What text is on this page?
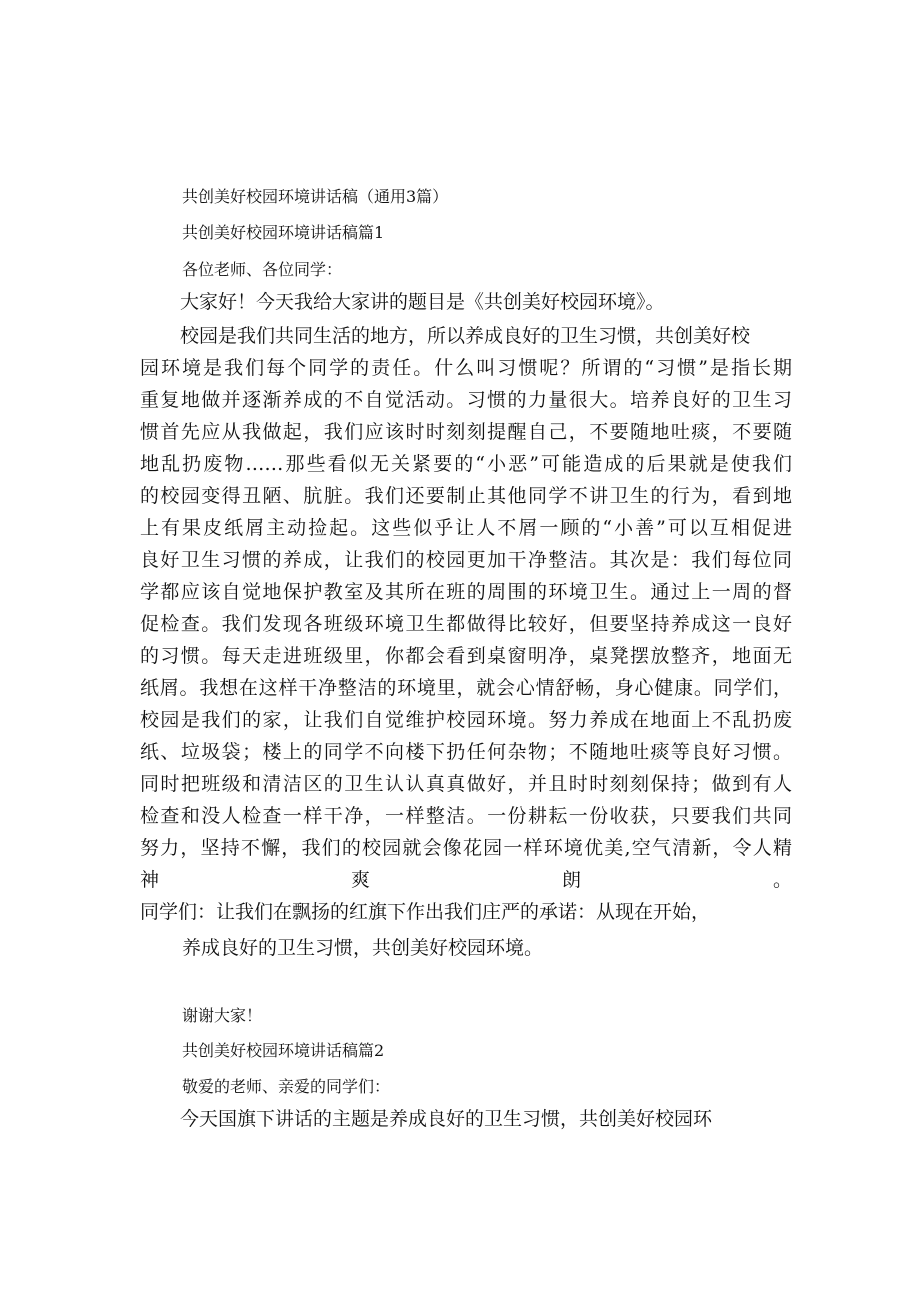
共创美好校园环境讲话稿（通用3篇）

共创美好校园环境讲话稿篇1

各位老师、各位同学：

大家好！今天我给大家讲的题目是《共创美好校园环境》。

校园是我们共同生活的地方，所以养成良好的卫生习惯，共创美好校

园环境是我们每个同学的责任。什么叫习惯呢？所谓的“习惯”是指长期

重复地做并逐渐养成的不自觉活动。习惯的力量很大。培养良好的卫生习

惯首先应从我做起，我们应该时时刻刻提醒自己，不要随地吐痰，不要随

地乱扔废物……那些看似无关紧要的“小恶”可能造成的后果就是使我们

的校园变得丑陋、肮脏。我们还要制止其他同学不讲卫生的行为，看到地

上有果皮纸屑主动捡起。这些似乎让人不屑一顾的“小善”可以互相促进

良好卫生习惯的养成，让我们的校园更加干净整洁。其次是：我们每位同

学都应该自觉地保护教室及其所在班的周围的环境卫生。通过上一周的督

促检查。我们发现各班级环境卫生都做得比较好，但要坚持养成这一良好

的习惯。每天走进班级里，你都会看到桌窗明净，桌凳摆放整齐，地面无

纸屑。我想在这样干净整洁的环境里，就会心情舒畅，身心健康。同学们，

校园是我们的家，让我们自觉维护校园环境。努力养成在地面上不乱扔废

纸、垃圾袋；楼上的同学不向楼下扔任何杂物；不随地吐痰等良好习惯。

同时把班级和清洁区的卫生认认真真做好，并且时时刻刻保持；做到有人

检查和没人检查一样干净，一样整洁。一份耕耘一份收获，只要我们共同

努力，坚持不懈，我们的校园就会像花园一样环境优美,空气清新，令人精

神爽朗。

同学们：让我们在飘扬的红旗下作出我们庄严的承诺：从现在开始，

养成良好的卫生习惯，共创美好校园环境。

谢谢大家！

共创美好校园环境讲话稿篇2

敬爱的老师、亲爱的同学们：

今天国旗下讲话的主题是养成良好的卫生习惯，共创美好校园环
